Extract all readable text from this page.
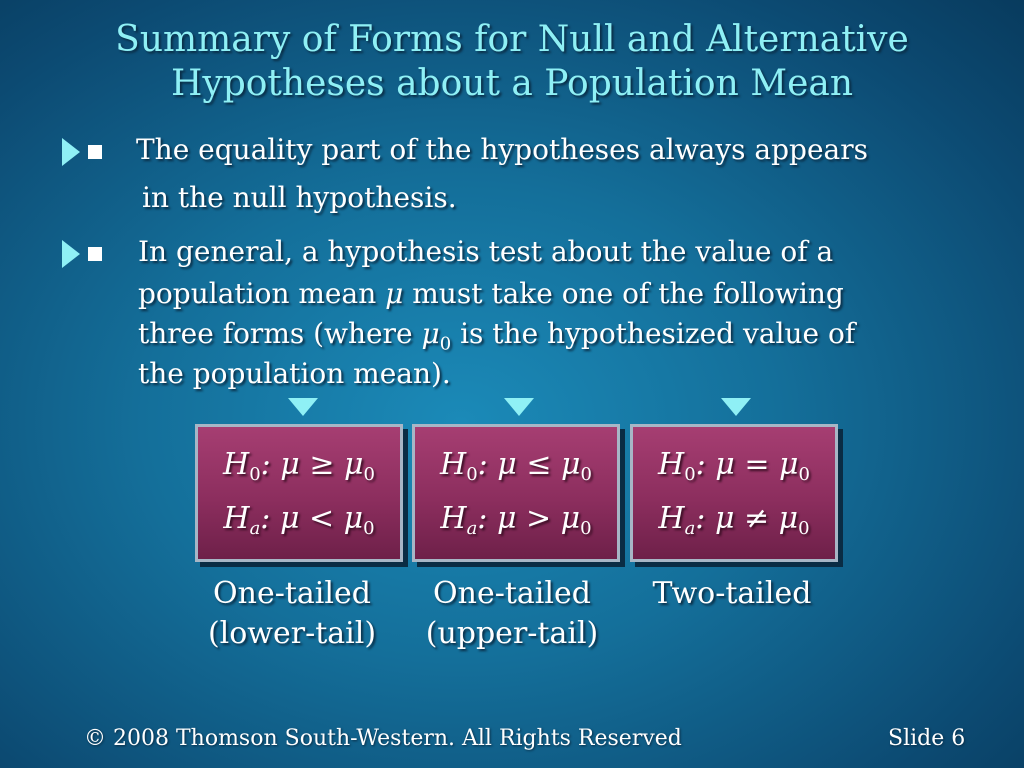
Summary of Forms for Null and Alternative
Hypotheses about a Population Mean
The equality part of the hypotheses always appears
in the null hypothesis.
In general, a hypothesis test about the value of a
population mean μ must take one of the following
three forms (where $\mu_0$ is the hypothesized value of
the population mean).
$H_0$: $\mu \ge \mu_0$
$H_a$: $\mu < \mu_0$
$H_0$: $\mu \le \mu_0$
$H_a$: $\mu > \mu_0$
$H_0$: $\mu = \mu_0$
$H_a$: $\mu \ne \mu_0$
One-tailed
(lower-tail)
One-tailed
(upper-tail)
Two-tailed
© 2008 Thomson South-Western. All Rights Reserved	Slide 6
